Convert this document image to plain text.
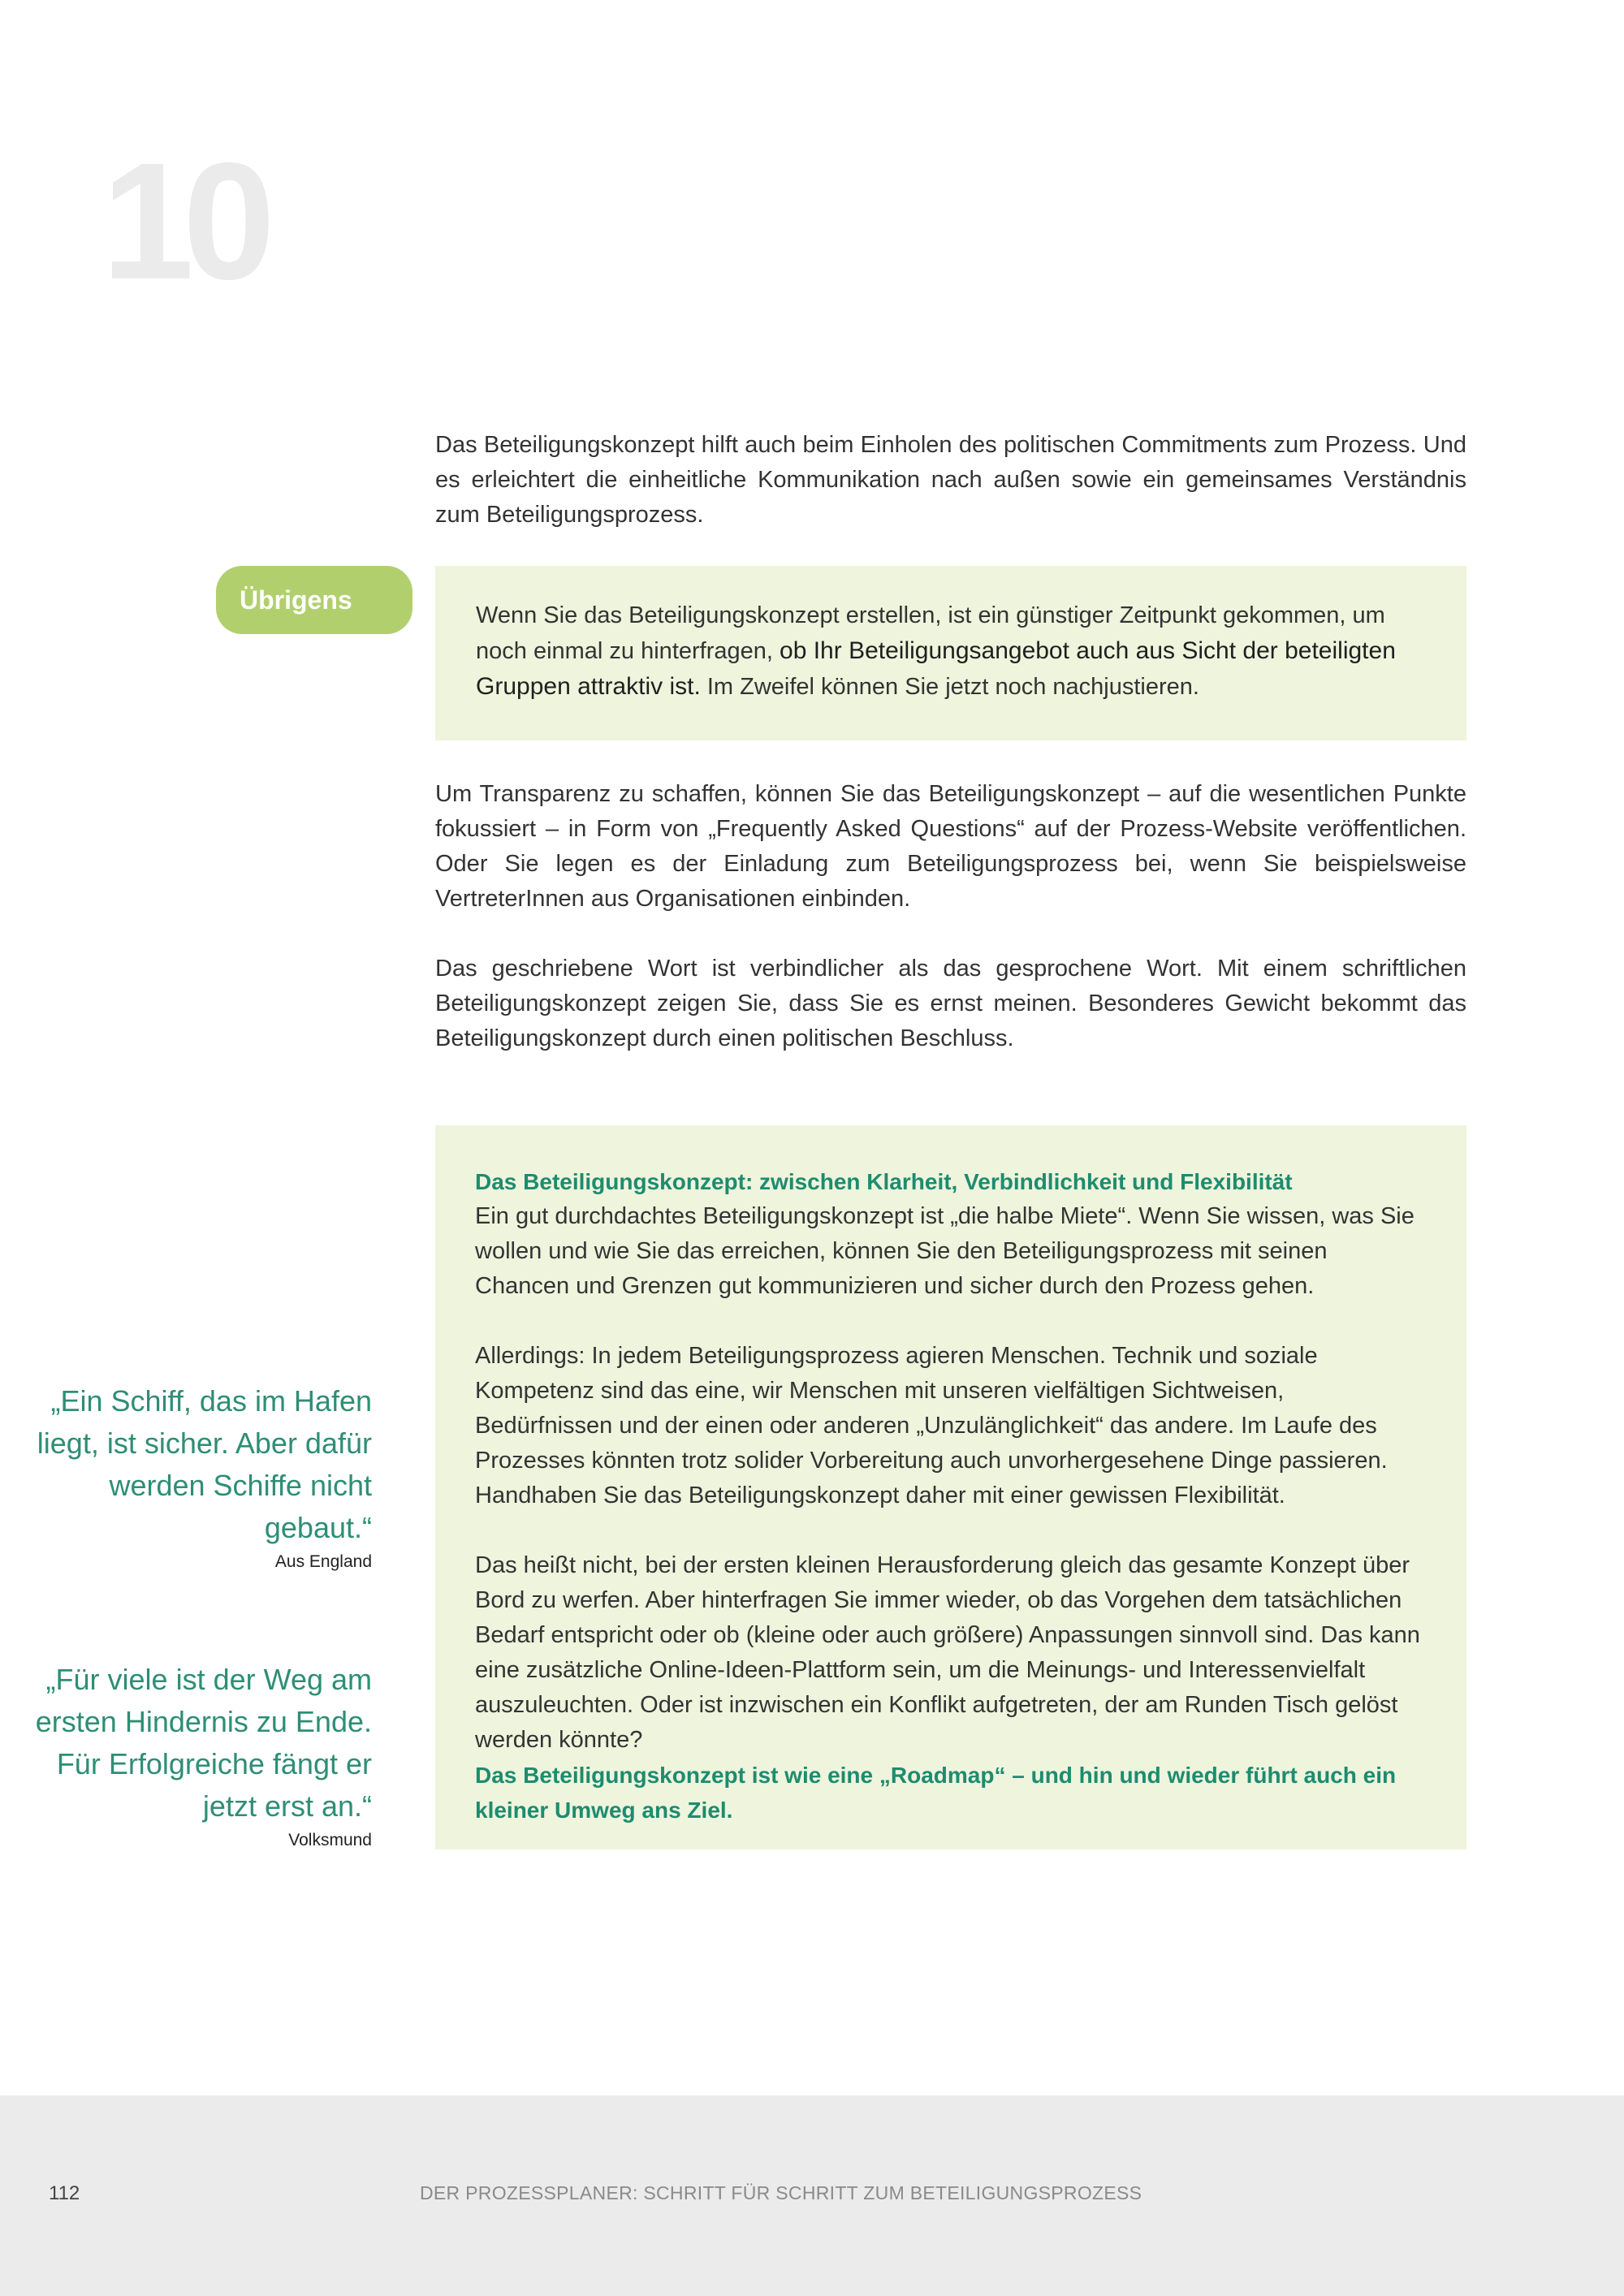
10

Das Beteiligungskonzept hilft auch beim Einholen des politischen Commitments zum Prozess. Und es erleichtert die einheitliche Kommunikation nach außen sowie ein gemeinsames Verständnis zum Beteiligungsprozess.

Übrigens
Wenn Sie das Beteiligungskonzept erstellen, ist ein günstiger Zeitpunkt gekommen, um noch einmal zu hinterfragen, ob Ihr Beteiligungsangebot auch aus Sicht der beteiligten Gruppen attraktiv ist. Im Zweifel können Sie jetzt noch nachjustieren.

Um Transparenz zu schaffen, können Sie das Beteiligungskonzept – auf die wesentlichen Punkte fokussiert – in Form von „Frequently Asked Questions“ auf der Prozess-Website veröffentlichen. Oder Sie legen es der Einladung zum Beteiligungsprozess bei, wenn Sie beispielsweise VertreterInnen aus Organisationen einbinden.

Das geschriebene Wort ist verbindlicher als das gesprochene Wort. Mit einem schriftlichen Beteiligungskonzept zeigen Sie, dass Sie es ernst meinen. Besonderes Gewicht bekommt das Beteiligungskonzept durch einen politischen Beschluss.

„Ein Schiff, das im Hafen liegt, ist sicher. Aber dafür werden Schiffe nicht gebaut.“

Aus England

„Für viele ist der Weg am ersten Hindernis zu Ende. Für Erfolgreiche fängt er jetzt erst an.“

Volksmund

Das Beteiligungskonzept: zwischen Klarheit, Verbindlichkeit und Flexibilität

Ein gut durchdachtes Beteiligungskonzept ist „die halbe Miete“. Wenn Sie wissen, was Sie wollen und wie Sie das erreichen, können Sie den Beteiligungsprozess mit seinen Chancen und Grenzen gut kommunizieren und sicher durch den Prozess gehen.

Allerdings: In jedem Beteiligungsprozess agieren Menschen. Technik und soziale Kompetenz sind das eine, wir Menschen mit unseren vielfältigen Sichtweisen, Bedürfnissen und der einen oder anderen „Unzulänglichkeit“ das andere. Im Laufe des Prozesses könnten trotz solider Vorbereitung auch unvorhergesehene Dinge passieren. Handhaben Sie das Beteiligungskonzept daher mit einer gewissen Flexibilität.

Das heißt nicht, bei der ersten kleinen Herausforderung gleich das gesamte Konzept über Bord zu werfen. Aber hinterfragen Sie immer wieder, ob das Vorgehen dem tatsächlichen Bedarf entspricht oder ob (kleine oder auch größere) Anpassungen sinnvoll sind. Das kann eine zusätzliche Online-Ideen-Plattform sein, um die Meinungs- und Interessenvielfalt auszuleuchten. Oder ist inzwischen ein Konflikt aufgetreten, der am Runden Tisch gelöst werden könnte?

Das Beteiligungskonzept ist wie eine „Roadmap“ – und hin und wieder führt auch ein kleiner Umweg ans Ziel.

112	DER PROZESSPLANER: SCHRITT FÜR SCHRITT ZUM BETEILIGUNGSPROZESS
